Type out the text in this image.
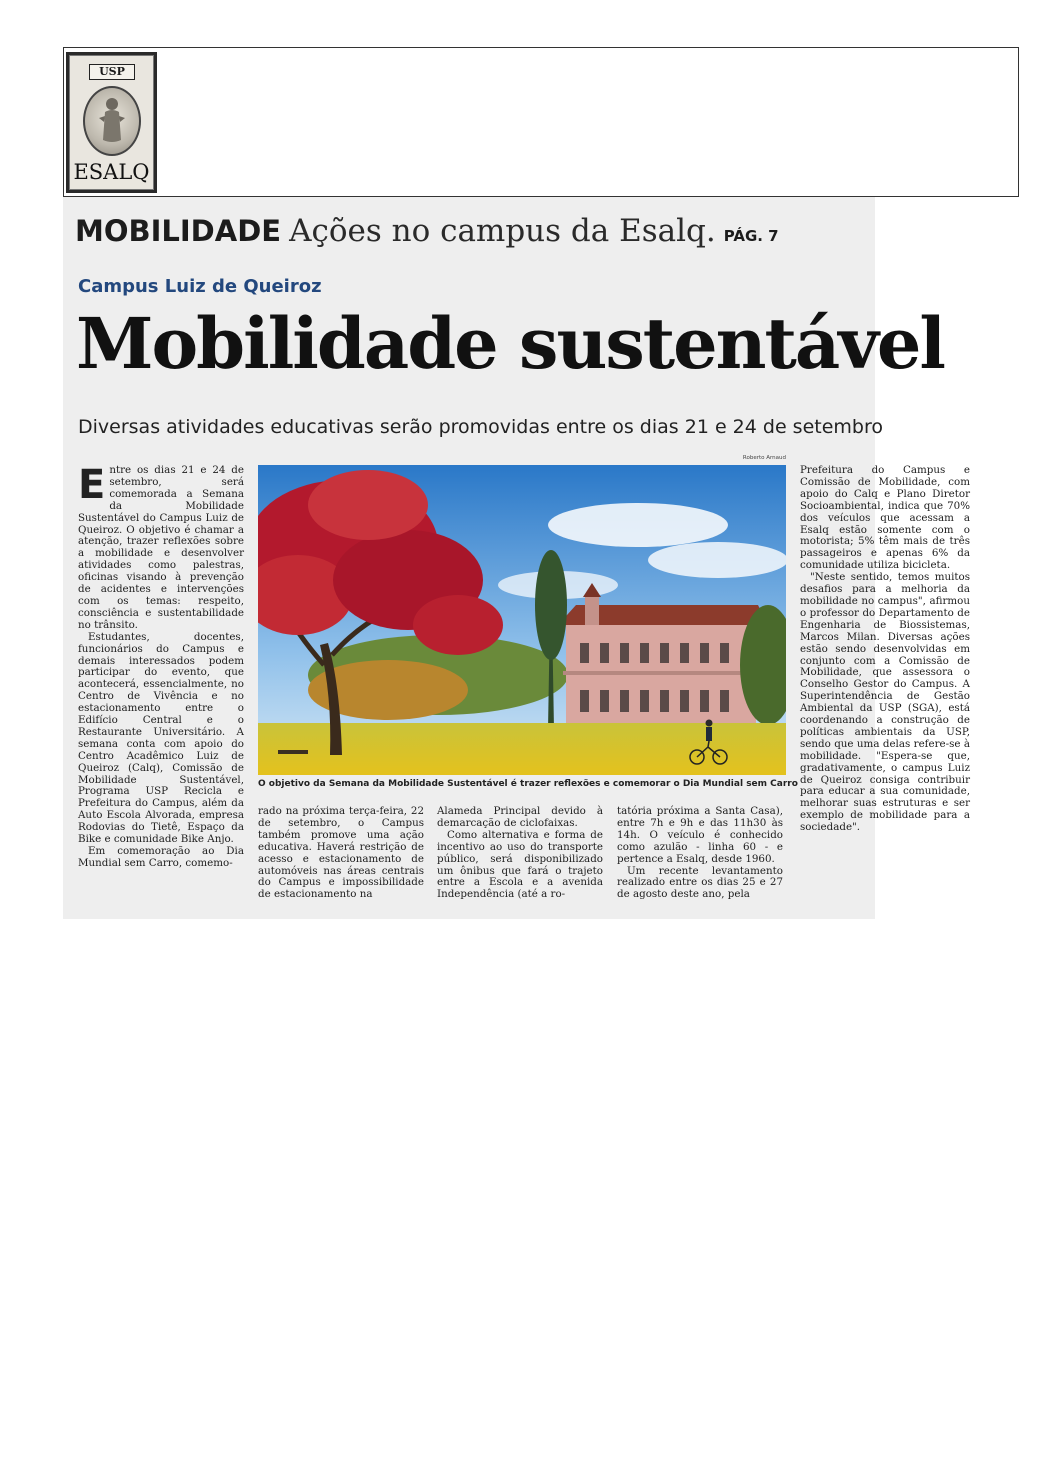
USP
ESALQ
MOBILIDADE Ações no campus da Esalq. PÁG. 7
Campus Luiz de Queiroz
Mobilidade sustentável
Diversas atividades educativas serão promovidas entre os dias 21 e 24 de setembro

Entre os dias 21 e 24 de setembro, será comemorada a Semana da Mobilidade Sustentável do Campus Luiz de Queiroz. O objetivo é chamar a atenção, trazer reflexões sobre a mobilidade e desenvolver atividades como palestras, oficinas visando à prevenção de acidentes e intervenções com os temas: respeito, consciência e sustentabilidade no trânsito.

Estudantes, docentes, funcionários do Campus e demais interessados podem participar do evento, que acontecerá, essencialmente, no Centro de Vivência e no estacionamento entre o Edifício Central e o Restaurante Universitário. A semana conta com apoio do Centro Acadêmico Luiz de Queiroz (Calq), Comissão de Mobilidade Sustentável, Programa USP Recicla e Prefeitura do Campus, além da Auto Escola Alvorada, empresa Rodovias do Tietê, Espaço da Bike e comunidade Bike Anjo.

Em comemoração ao Dia Mundial sem Carro, comemo-

Roberto Arnaud
O objetivo da Semana da Mobilidade Sustentável é trazer reflexões e comemorar o Dia Mundial sem Carro

rado na próxima terça-feira, 22 de setembro, o Campus também promove uma ação educativa. Haverá restrição de acesso e estacionamento de automóveis nas áreas centrais do Campus e impossibilidade de estacionamento na

Alameda Principal devido à demarcação de ciclofaixas.

Como alternativa e forma de incentivo ao uso do transporte público, será disponibilizado um ônibus que fará o trajeto entre a Escola e a avenida Independência (até a ro-

tatória próxima a Santa Casa), entre 7h e 9h e das 11h30 às 14h. O veículo é conhecido como azulão - linha 60 - e pertence a Esalq, desde 1960.

Um recente levantamento realizado entre os dias 25 e 27 de agosto deste ano, pela

Prefeitura do Campus e Comissão de Mobilidade, com apoio do Calq e Plano Diretor Socioambiental, indica que 70% dos veículos que acessam a Esalq estão somente com o motorista; 5% têm mais de três passageiros e apenas 6% da comunidade utiliza bicicleta.

"Neste sentido, temos muitos desafios para a melhoria da mobilidade no campus", afirmou o professor do Departamento de Engenharia de Biossistemas, Marcos Milan. Diversas ações estão sendo desenvolvidas em conjunto com a Comissão de Mobilidade, que assessora o Conselho Gestor do Campus. A Superintendência de Gestão Ambiental da USP (SGA), está coordenando a construção de políticas ambientais da USP, sendo que uma delas refere-se à mobilidade. "Espera-se que, gradativamente, o campus Luiz de Queiroz consiga contribuir para educar a sua comunidade, melhorar suas estruturas e ser exemplo de mobilidade para a sociedade".
